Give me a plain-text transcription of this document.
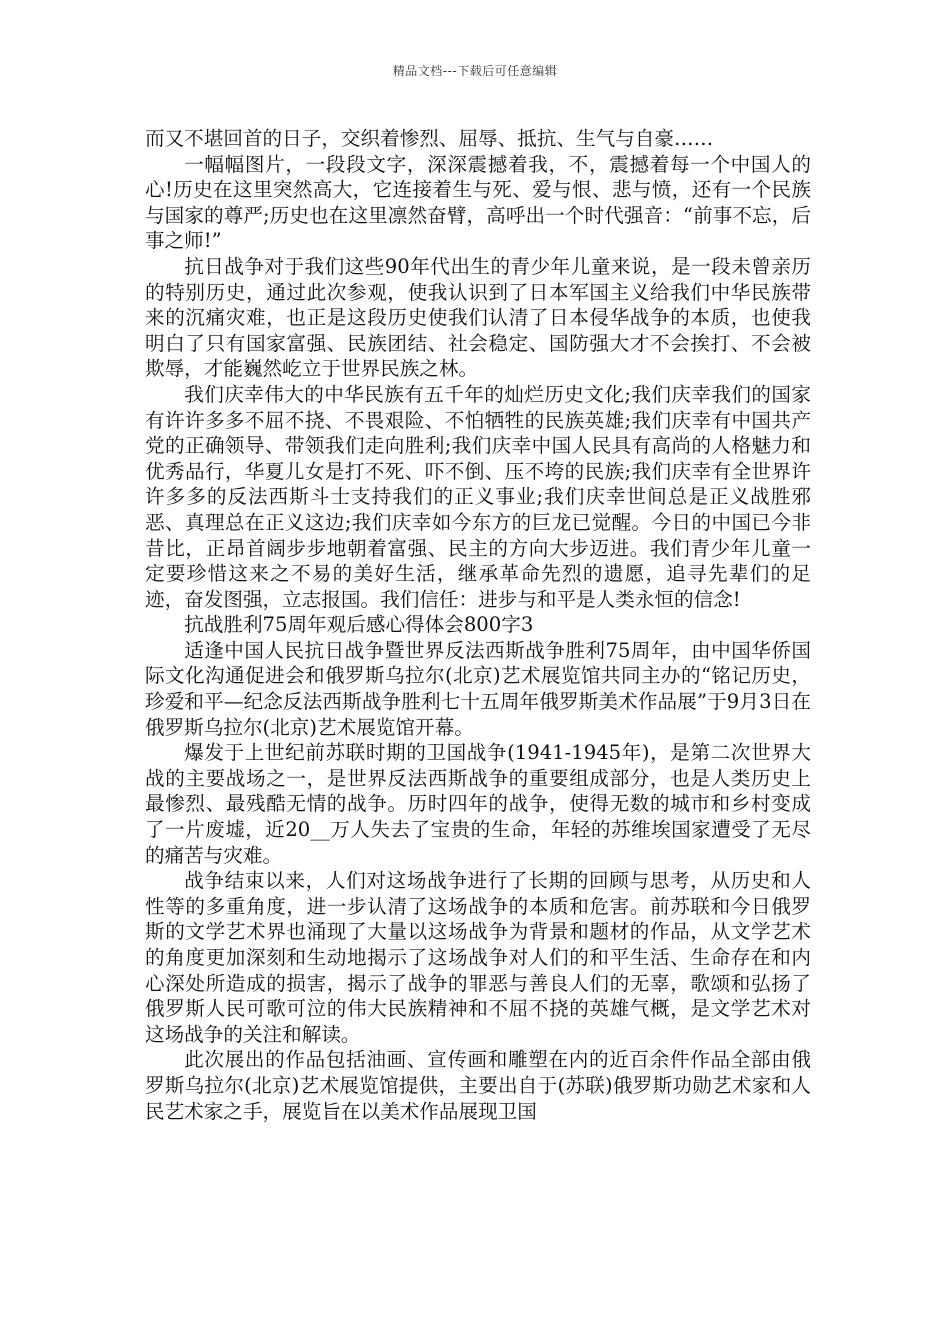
精品文档---下载后可任意编辑

而又不堪回首的日子，交织着惨烈、屈辱、抵抗、生气与自豪……

一幅幅图片，一段段文字，深深震撼着我，不，震撼着每一个中国人的心!历史在这里突然高大，它连接着生与死、爱与恨、悲与愤，还有一个民族与国家的尊严;历史也在这里凛然奋臂，高呼出一个时代强音：“前事不忘，后事之师!”

抗日战争对于我们这些90年代出生的青少年儿童来说，是一段未曾亲历的特别历史，通过此次参观，使我认识到了日本军国主义给我们中华民族带来的沉痛灾难，也正是这段历史使我们认清了日本侵华战争的本质，也使我明白了只有国家富强、民族团结、社会稳定、国防强大才不会挨打、不会被欺辱，才能巍然屹立于世界民族之林。

我们庆幸伟大的中华民族有五千年的灿烂历史文化;我们庆幸我们的国家有许许多多不屈不挠、不畏艰险、不怕牺牲的民族英雄;我们庆幸有中国共产党的正确领导、带领我们走向胜利;我们庆幸中国人民具有高尚的人格魅力和优秀品行，华夏儿女是打不死、吓不倒、压不垮的民族;我们庆幸有全世界许许多多的反法西斯斗士支持我们的正义事业;我们庆幸世间总是正义战胜邪恶、真理总在正义这边;我们庆幸如今东方的巨龙已觉醒。今日的中国已今非昔比，正昂首阔步步地朝着富强、民主的方向大步迈进。我们青少年儿童一定要珍惜这来之不易的美好生活，继承革命先烈的遗愿，追寻先辈们的足迹，奋发图强，立志报国。我们信任：进步与和平是人类永恒的信念!

抗战胜利75周年观后感心得体会800字3

适逢中国人民抗日战争暨世界反法西斯战争胜利75周年，由中国华侨国际文化沟通促进会和俄罗斯乌拉尔(北京)艺术展览馆共同主办的“铭记历史，珍爱和平—纪念反法西斯战争胜利七十五周年俄罗斯美术作品展”于9月3日在俄罗斯乌拉尔(北京)艺术展览馆开幕。

爆发于上世纪前苏联时期的卫国战争(1941-1945年)，是第二次世界大战的主要战场之一，是世界反法西斯战争的重要组成部分，也是人类历史上最惨烈、最残酷无情的战争。历时四年的战争，使得无数的城市和乡村变成了一片废墟，近20__万人失去了宝贵的生命，年轻的苏维埃国家遭受了无尽的痛苦与灾难。

战争结束以来，人们对这场战争进行了长期的回顾与思考，从历史和人性等的多重角度，进一步认清了这场战争的本质和危害。前苏联和今日俄罗斯的文学艺术界也涌现了大量以这场战争为背景和题材的作品，从文学艺术的角度更加深刻和生动地揭示了这场战争对人们的和平生活、生命存在和内心深处所造成的损害，揭示了战争的罪恶与善良人们的无辜，歌颂和弘扬了俄罗斯人民可歌可泣的伟大民族精神和不屈不挠的英雄气概，是文学艺术对这场战争的关注和解读。

此次展出的作品包括油画、宣传画和雕塑在内的近百余件作品全部由俄罗斯乌拉尔(北京)艺术展览馆提供，主要出自于(苏联)俄罗斯功勋艺术家和人民艺术家之手，展览旨在以美术作品展现卫国
